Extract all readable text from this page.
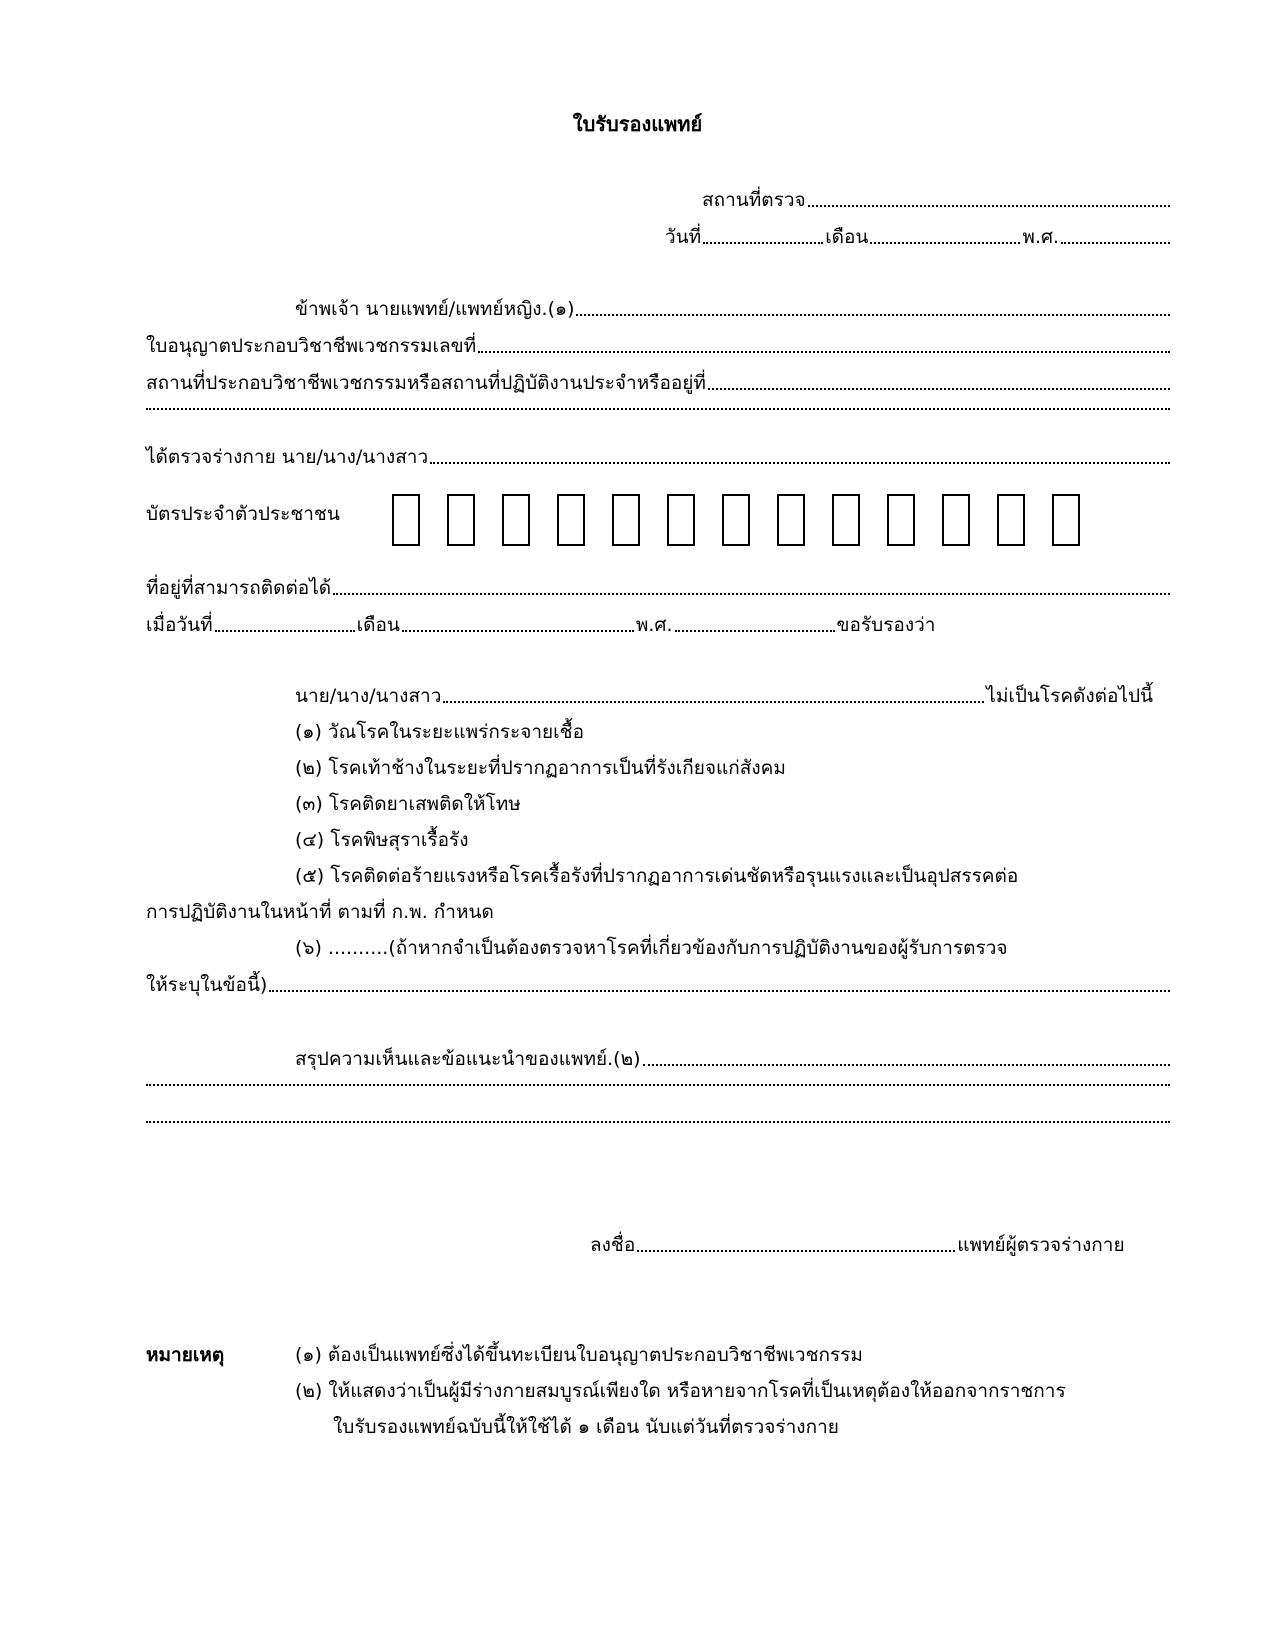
ใบรับรองแพทย์
สถานที่ตรวจ
วันที่	เดือน	พ.ศ.
ข้าพเจ้า นายแพทย์/แพทย์หญิง.(๑)
ใบอนุญาตประกอบวิชาชีพเวชกรรมเลขที่
สถานที่ประกอบวิชาชีพเวชกรรมหรือสถานที่ปฏิบัติงานประจำหรืออยู่ที่
ได้ตรวจร่างกาย นาย/นาง/นางสาว
บัตรประจำตัวประชาชน
ที่อยู่ที่สามารถติดต่อได้
เมื่อวันที่	เดือน	พ.ศ.	ขอรับรองว่า
นาย/นาง/นางสาว	ไม่เป็นโรคดังต่อไปนี้
(๑) วัณโรคในระยะแพร่กระจายเชื้อ
(๒) โรคเท้าช้างในระยะที่ปรากฏอาการเป็นที่รังเกียจแก่สังคม
(๓) โรคติดยาเสพติดให้โทษ
(๔) โรคพิษสุราเรื้อรัง
(๕) โรคติดต่อร้ายแรงหรือโรคเรื้อรังที่ปรากฏอาการเด่นชัดหรือรุนแรงและเป็นอุปสรรคต่อ
การปฏิบัติงานในหน้าที่ ตามที่ ก.พ. กำหนด
(๖) ..........(ถ้าหากจำเป็นต้องตรวจหาโรคที่เกี่ยวข้องกับการปฏิบัติงานของผู้รับการตรวจ
ให้ระบุในข้อนี้)
สรุปความเห็นและข้อแนะนำของแพทย์.(๒)
ลงชื่อ	แพทย์ผู้ตรวจร่างกาย
หมายเหตุ	(๑) ต้องเป็นแพทย์ซึ่งได้ขึ้นทะเบียนใบอนุญาตประกอบวิชาชีพเวชกรรม
(๒) ให้แสดงว่าเป็นผู้มีร่างกายสมบูรณ์เพียงใด หรือหายจากโรคที่เป็นเหตุต้องให้ออกจากราชการ
ใบรับรองแพทย์ฉบับนี้ให้ใช้ได้ ๑ เดือน นับแต่วันที่ตรวจร่างกาย
